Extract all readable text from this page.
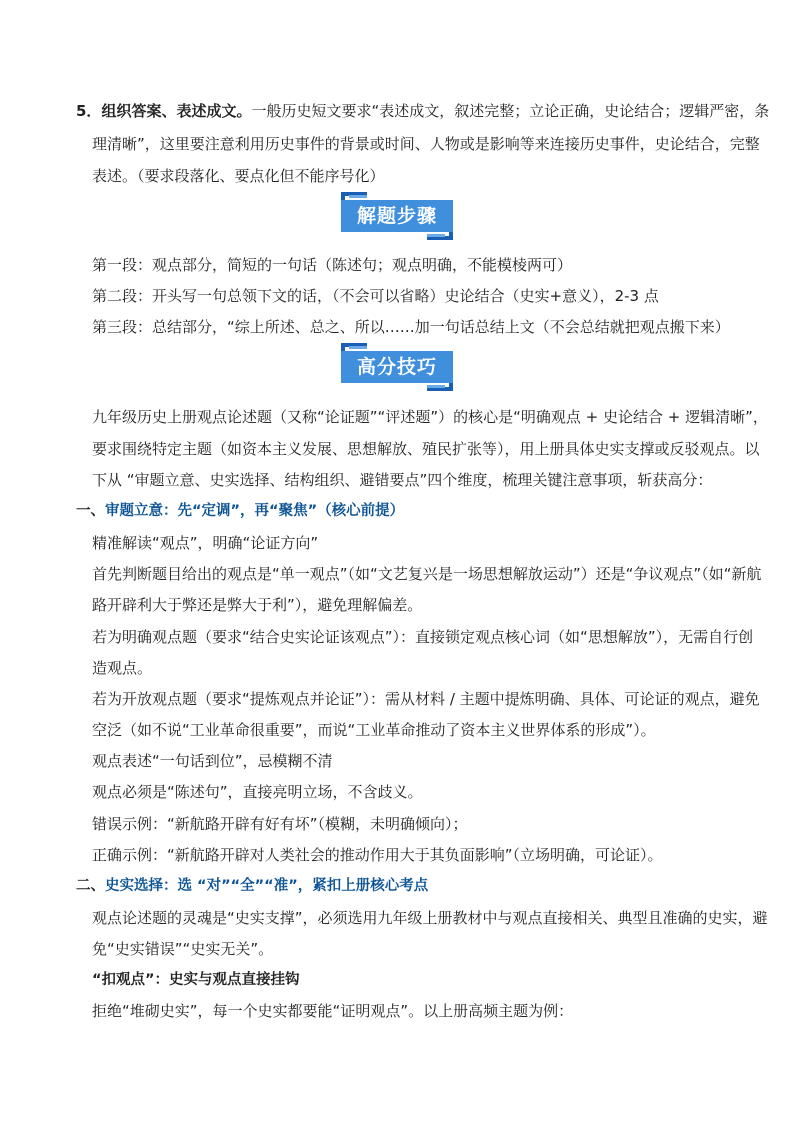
5．组织答案、表述成文。一般历史短文要求“表述成文，叙述完整；立论正确，史论结合；逻辑严密，条
理清晰”，这里要注意利用历史事件的背景或时间、人物或是影响等来连接历史事件，史论结合，完整
表述。（要求段落化、要点化但不能序号化）
解题步骤
第一段：观点部分，简短的一句话（陈述句；观点明确，不能模棱两可）
第二段：开头写一句总领下文的话，（不会可以省略）史论结合（史实+意义），2-3 点
第三段：总结部分，“综上所述、总之、所以……加一句话总结上文（不会总结就把观点搬下来）
高分技巧
九年级历史上册观点论述题（又称“论证题”“评述题”）的核心是“明确观点 + 史论结合 + 逻辑清晰”，
要求围绕特定主题（如资本主义发展、思想解放、殖民扩张等），用上册具体史实支撑或反驳观点。以
下从 “审题立意、史实选择、结构组织、避错要点”四个维度，梳理关键注意事项，斩获高分：
一、审题立意：先“定调”，再“聚焦”（核心前提）
精准解读“观点”，明确“论证方向”
首先判断题目给出的观点是“单一观点”（如“文艺复兴是一场思想解放运动”）还是“争议观点”（如“新航
路开辟利大于弊还是弊大于利”），避免理解偏差。
若为明确观点题（要求“结合史实论证该观点”）：直接锁定观点核心词（如“思想解放”），无需自行创
造观点。
若为开放观点题（要求“提炼观点并论证”）：需从材料 / 主题中提炼明确、具体、可论证的观点，避免
空泛（如不说“工业革命很重要”，而说“工业革命推动了资本主义世界体系的形成”）。
观点表述“一句话到位”，忌模糊不清
观点必须是“陈述句”，直接亮明立场，不含歧义。
错误示例：“新航路开辟有好有坏”（模糊，未明确倾向）；
正确示例：“新航路开辟对人类社会的推动作用大于其负面影响”（立场明确，可论证）。
二、史实选择：选 “对”“全”“准”，紧扣上册核心考点
观点论述题的灵魂是“史实支撑”，必须选用九年级上册教材中与观点直接相关、典型且准确的史实，避
免“史实错误”“史实无关”。
“扣观点”：史实与观点直接挂钩
拒绝“堆砌史实”，每一个史实都要能“证明观点”。以上册高频主题为例：
